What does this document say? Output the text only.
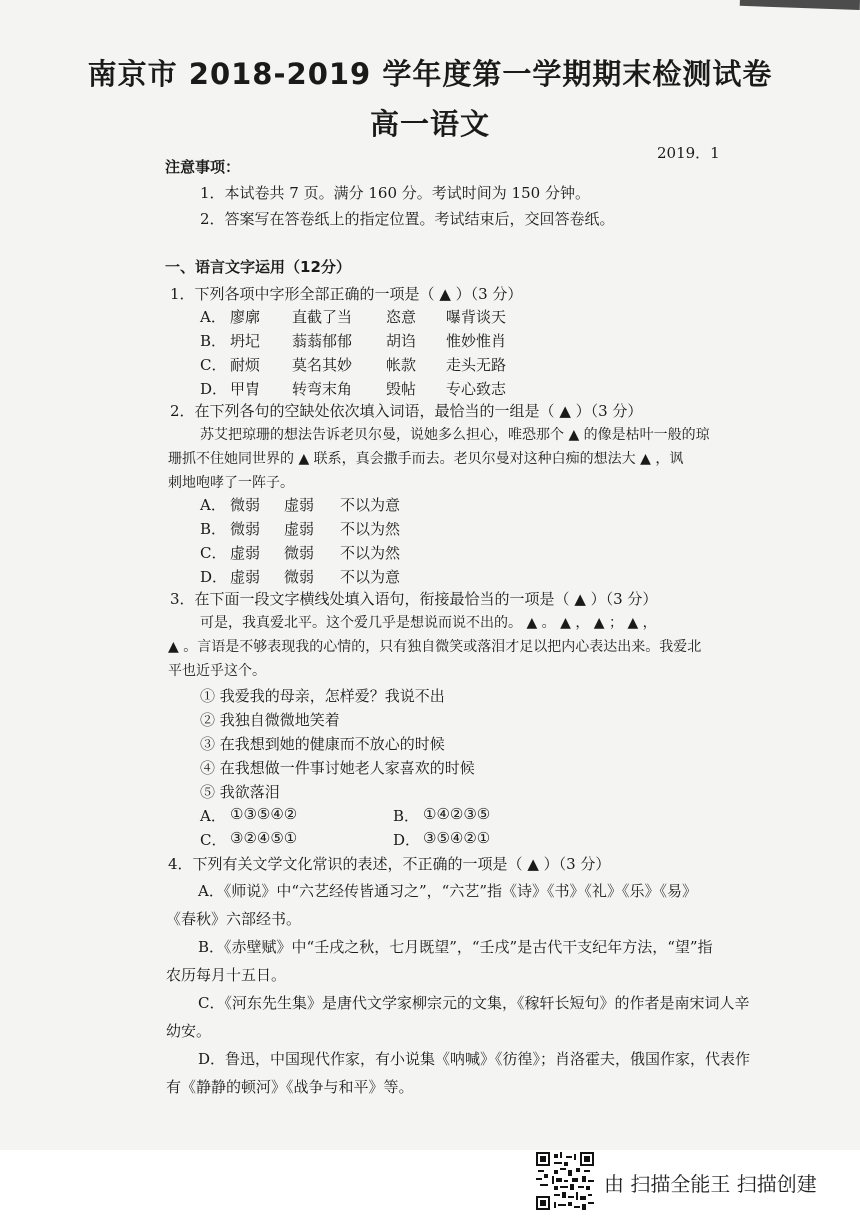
南京市 2018-2019 学年度第一学期期末检测试卷
高一语文
2019．1
注意事项：
1．本试卷共 7 页。满分 160 分。考试时间为 150 分钟。
2．答案写在答卷纸上的指定位置。考试结束后，交回答卷纸。
一、语言文字运用（12分）
1．下列各项中字形全部正确的一项是（ ▲ ）（3 分）
A． 廖廓 直截了当 恣意 嚗背谈天
B． 坍圮 蓊蓊郁郁 胡诌 惟妙惟肖
C． 耐烦 莫名其妙 帐款 走头无路
D． 甲胄 转弯末角 毁帖 专心致志
2．在下列各句的空缺处依次填入词语，最恰当的一组是（ ▲ ）（3 分）
苏艾把琼珊的想法告诉老贝尔曼，说她多么担心，唯恐那个 ▲ 的像是枯叶一般的琼
珊抓不住她同世界的 ▲ 联系，真会撒手而去。老贝尔曼对这种白痴的想法大 ▲ ，讽
刺地咆哮了一阵子。
A． 微弱 虚弱 不以为意
B． 微弱 虚弱 不以为然
C． 虚弱 微弱 不以为然
D． 虚弱 微弱 不以为意
3．在下面一段文字横线处填入语句，衔接最恰当的一项是（ ▲ ）（3 分）
可是，我真爱北平。这个爱几乎是想说而说不出的。 ▲ 。 ▲ ， ▲ ； ▲ ，
▲ 。言语是不够表现我的心情的，只有独自微笑或落泪才足以把内心表达出来。我爱北
平也近乎这个。
① 我爱我的母亲，怎样爱？我说不出
② 我独自微微地笑着
③ 在我想到她的健康而不放心的时候
④ 在我想做一件事讨她老人家喜欢的时候
⑤ 我欲落泪
A． ①③⑤④②	B． ①④②③⑤
C． ③②④⑤①	D． ③⑤④②①
4．下列有关文学文化常识的表述，不正确的一项是（ ▲ ）（3 分）
A．《师说》中“六艺经传皆通习之”，“六艺”指《诗》《书》《礼》《乐》《易》
《春秋》六部经书。
B．《赤壁赋》中“壬戌之秋，七月既望”，“壬戌”是古代干支纪年方法，“望”指
农历每月十五日。
C．《河东先生集》是唐代文学家柳宗元的文集，《稼轩长短句》的作者是南宋词人辛
幼安。
D．鲁迅，中国现代作家，有小说集《呐喊》《彷徨》；肖洛霍夫，俄国作家，代表作
有《静静的顿河》《战争与和平》等。
由 扫描全能王 扫描创建
